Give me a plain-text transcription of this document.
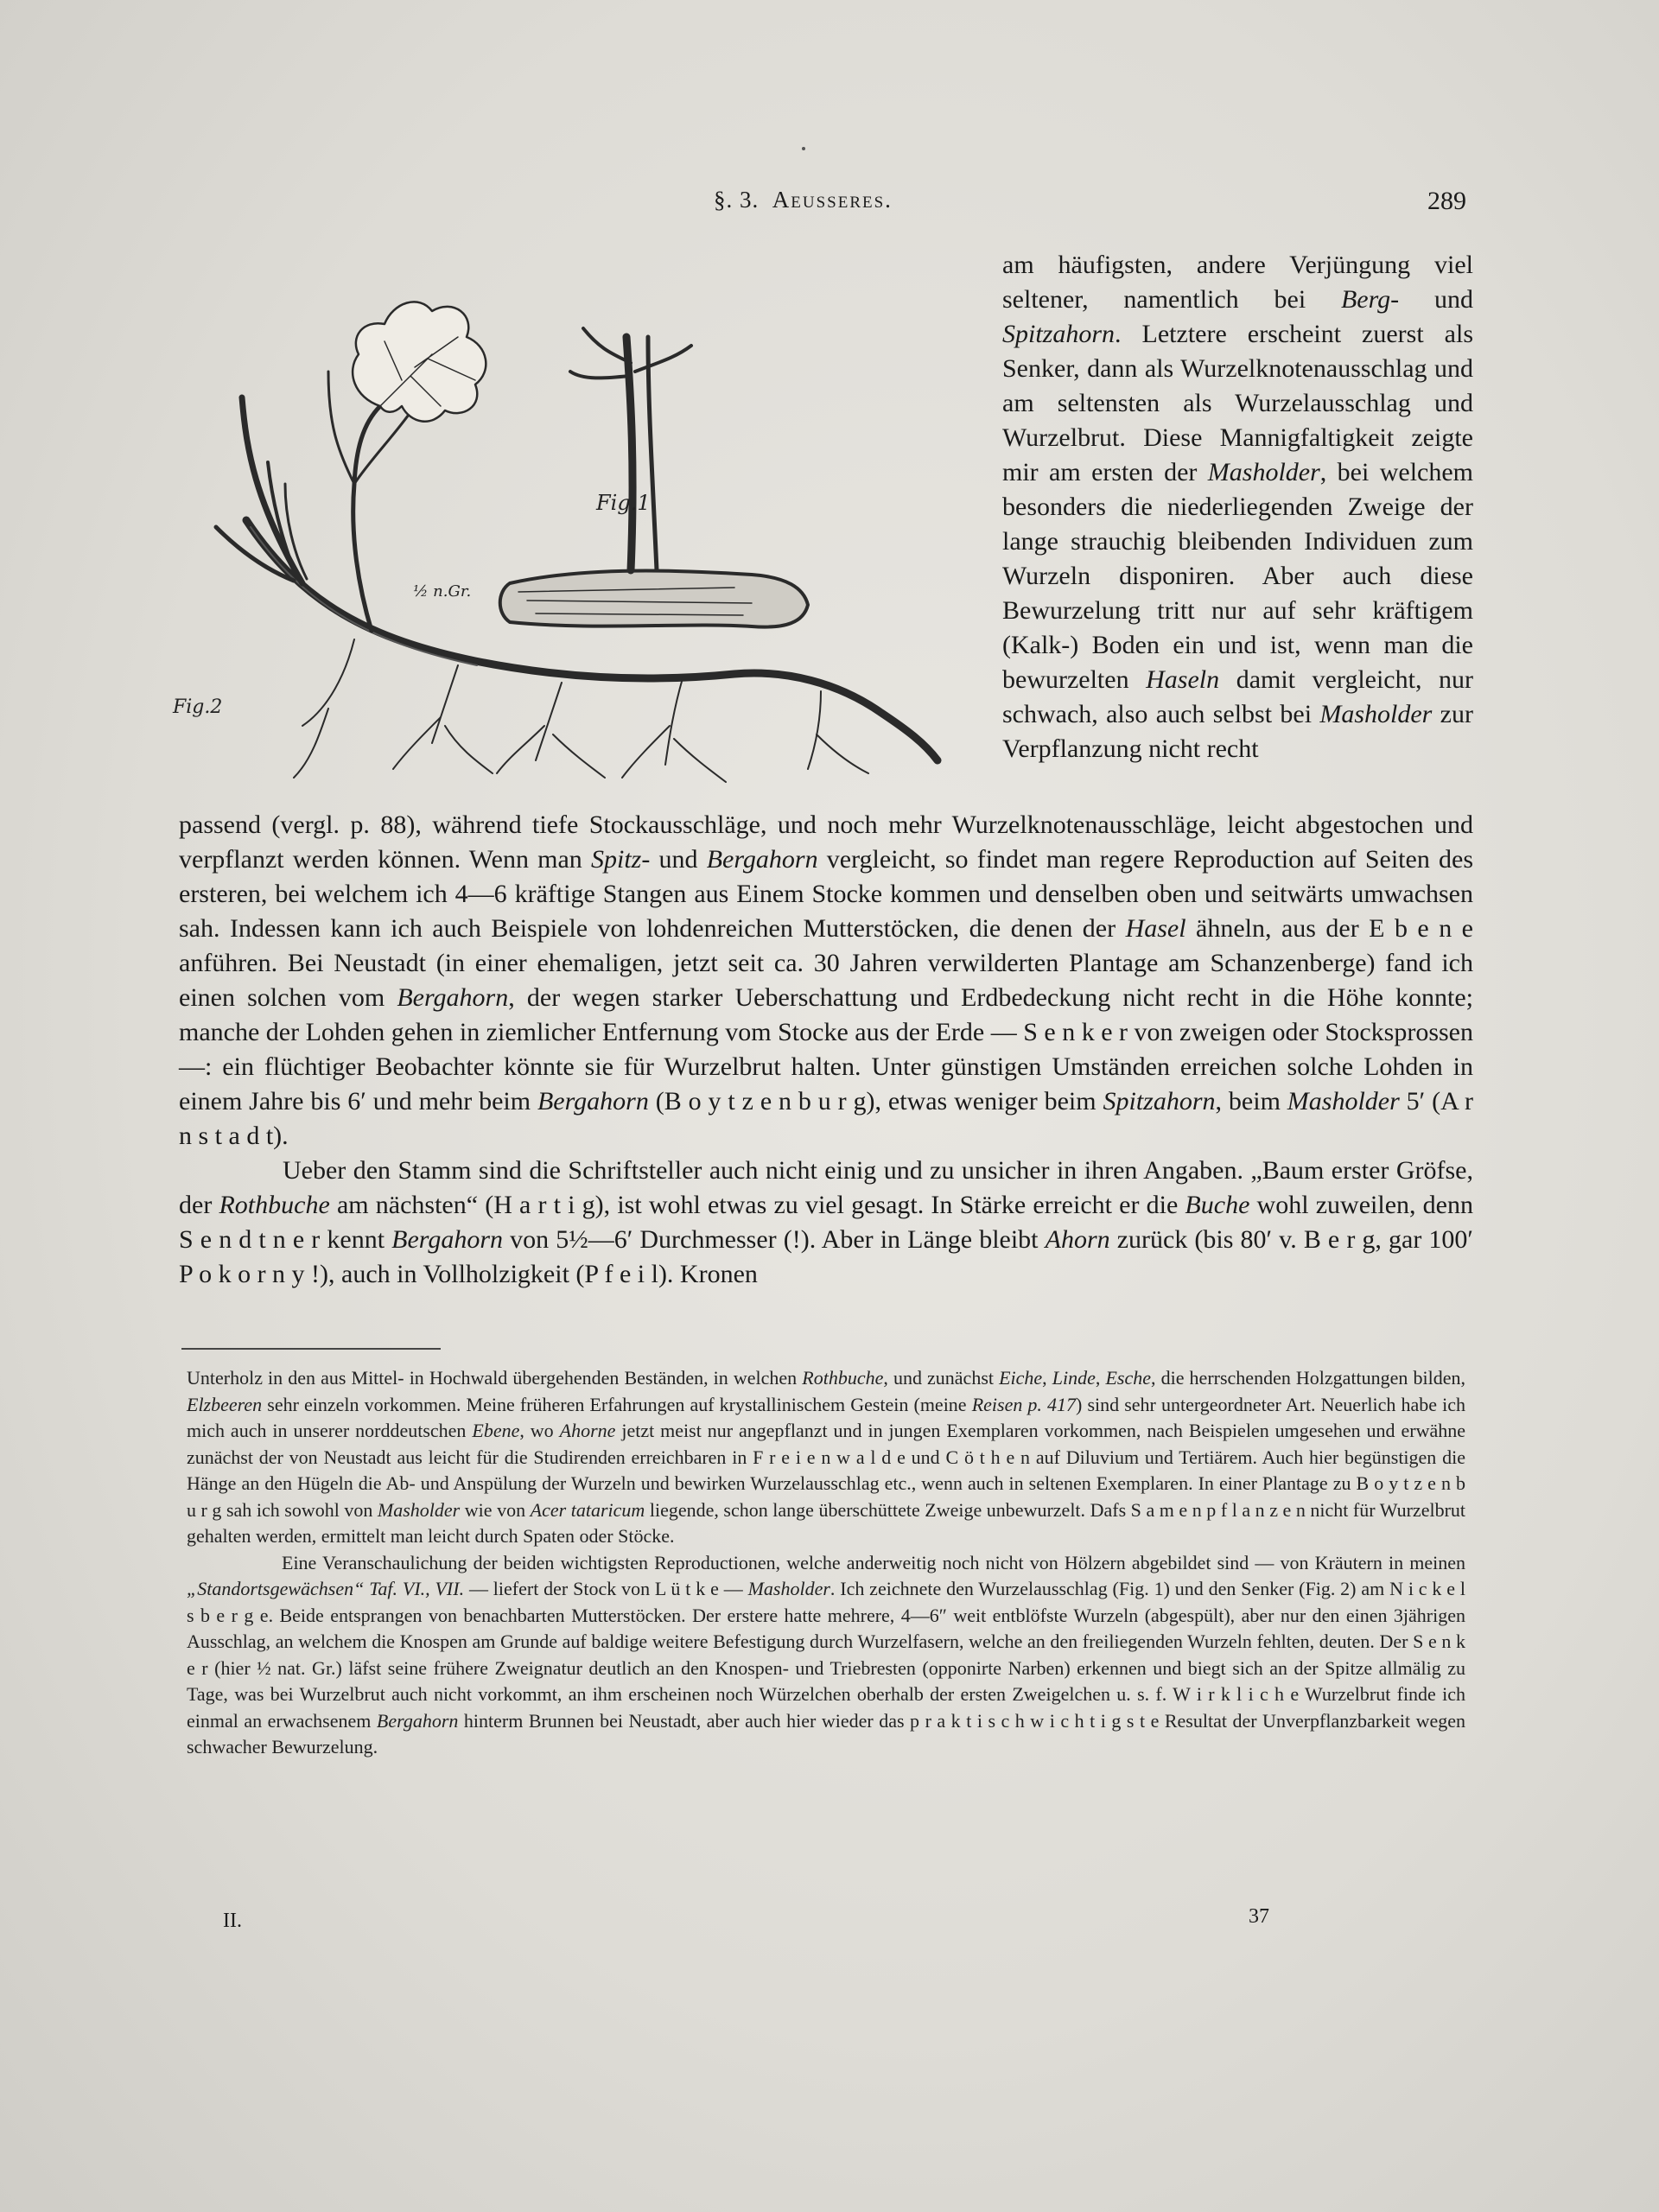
§. 3. Aeusseres.	289
Fig.1
Fig.2
½ n.Gr.
am häufigsten, andere Verjüngung viel seltener, namentlich bei Berg- und Spitzahorn. Letztere erscheint zuerst als Senker, dann als Wurzelknotenausschlag und am seltensten als Wurzelausschlag und Wurzelbrut. Diese Mannigfaltigkeit zeigte mir am ersten der Masholder, bei welchem besonders die niederliegenden Zweige der lange strauchig bleibenden Individuen zum Wurzeln disponiren. Aber auch diese Bewurzelung tritt nur auf sehr kräftigem (Kalk-) Boden ein und ist, wenn man die bewurzelten Haseln damit vergleicht, nur schwach, also auch selbst bei Masholder zur Verpflanzung nicht recht

passend (vergl. p. 88), während tiefe Stockausschläge, und noch mehr Wurzelknotenausschläge, leicht abgestochen und verpflanzt werden können. Wenn man Spitz- und Bergahorn vergleicht, so findet man regere Reproduction auf Seiten des ersteren, bei welchem ich 4—6 kräftige Stangen aus Einem Stocke kommen und denselben oben und seitwärts umwachsen sah. Indessen kann ich auch Beispiele von lohdenreichen Mutterstöcken, die denen der Hasel ähneln, aus der E b e n e anführen. Bei Neustadt (in einer ehemaligen, jetzt seit ca. 30 Jahren verwilderten Plantage am Schanzenberge) fand ich einen solchen vom Bergahorn, der wegen starker Ueberschattung und Erdbedeckung nicht recht in die Höhe konnte; manche der Lohden gehen in ziemlicher Entfernung vom Stocke aus der Erde — S e n k e r von zweigen oder Stocksprossen —: ein flüchtiger Beobachter könnte sie für Wurzelbrut halten. Unter günstigen Umständen erreichen solche Lohden in einem Jahre bis 6′ und mehr beim Bergahorn (B o y t z e n b u r g), etwas weniger beim Spitzahorn, beim Masholder 5′ (A r n s t a d t).

Ueber den Stamm sind die Schriftsteller auch nicht einig und zu unsicher in ihren Angaben. „Baum erster Gröfse, der Rothbuche am nächsten“ (H a r t i g), ist wohl etwas zu viel gesagt. In Stärke erreicht er die Buche wohl zuweilen, denn S e n d t n e r kennt Bergahorn von 5½—6′ Durchmesser (!). Aber in Länge bleibt Ahorn zurück (bis 80′ v. B e r g, gar 100′ P o k o r n y !), auch in Vollholzigkeit (P f e i l). Kronen

Unterholz in den aus Mittel- in Hochwald übergehenden Beständen, in welchen Rothbuche, und zunächst Eiche, Linde, Esche, die herrschenden Holzgattungen bilden, Elzbeeren sehr einzeln vorkommen. Meine früheren Erfahrungen auf krystallinischem Gestein (meine Reisen p. 417) sind sehr untergeordneter Art. Neuerlich habe ich mich auch in unserer norddeutschen Ebene, wo Ahorne jetzt meist nur angepflanzt und in jungen Exemplaren vorkommen, nach Beispielen umgesehen und erwähne zunächst der von Neustadt aus leicht für die Studirenden erreichbaren in F r e i e n w a l d e und C ö t h e n auf Diluvium und Tertiärem. Auch hier begünstigen die Hänge an den Hügeln die Ab- und Anspülung der Wurzeln und bewirken Wurzelausschlag etc., wenn auch in seltenen Exemplaren. In einer Plantage zu B o y t z e n b u r g sah ich sowohl von Masholder wie von Acer tataricum liegende, schon lange überschüttete Zweige unbewurzelt. Dafs S a m e n p f l a n z e n nicht für Wurzelbrut gehalten werden, ermittelt man leicht durch Spaten oder Stöcke.

Eine Veranschaulichung der beiden wichtigsten Reproductionen, welche anderweitig noch nicht von Hölzern abgebildet sind — von Kräutern in meinen „Standortsgewächsen“ Taf. VI., VII. — liefert der Stock von L ü t k e — Masholder. Ich zeichnete den Wurzelausschlag (Fig. 1) und den Senker (Fig. 2) am N i c k e l s b e r g e. Beide entsprangen von benachbarten Mutterstöcken. Der erstere hatte mehrere, 4—6″ weit entblöfste Wurzeln (abgespült), aber nur den einen 3jährigen Ausschlag, an welchem die Knospen am Grunde auf baldige weitere Befestigung durch Wurzelfasern, welche an den freiliegenden Wurzeln fehlten, deuten. Der S e n k e r (hier ½ nat. Gr.) läfst seine frühere Zweignatur deutlich an den Knospen- und Triebresten (opponirte Narben) erkennen und biegt sich an der Spitze allmälig zu Tage, was bei Wurzelbrut auch nicht vorkommt, an ihm erscheinen noch Würzelchen oberhalb der ersten Zweigelchen u. s. f. W i r k l i c h e Wurzelbrut finde ich einmal an erwachsenem Bergahorn hinterm Brunnen bei Neustadt, aber auch hier wieder das p r a k t i s c h w i c h t i g s t e Resultat der Unverpflanzbarkeit wegen schwacher Bewurzelung.

II.	37
